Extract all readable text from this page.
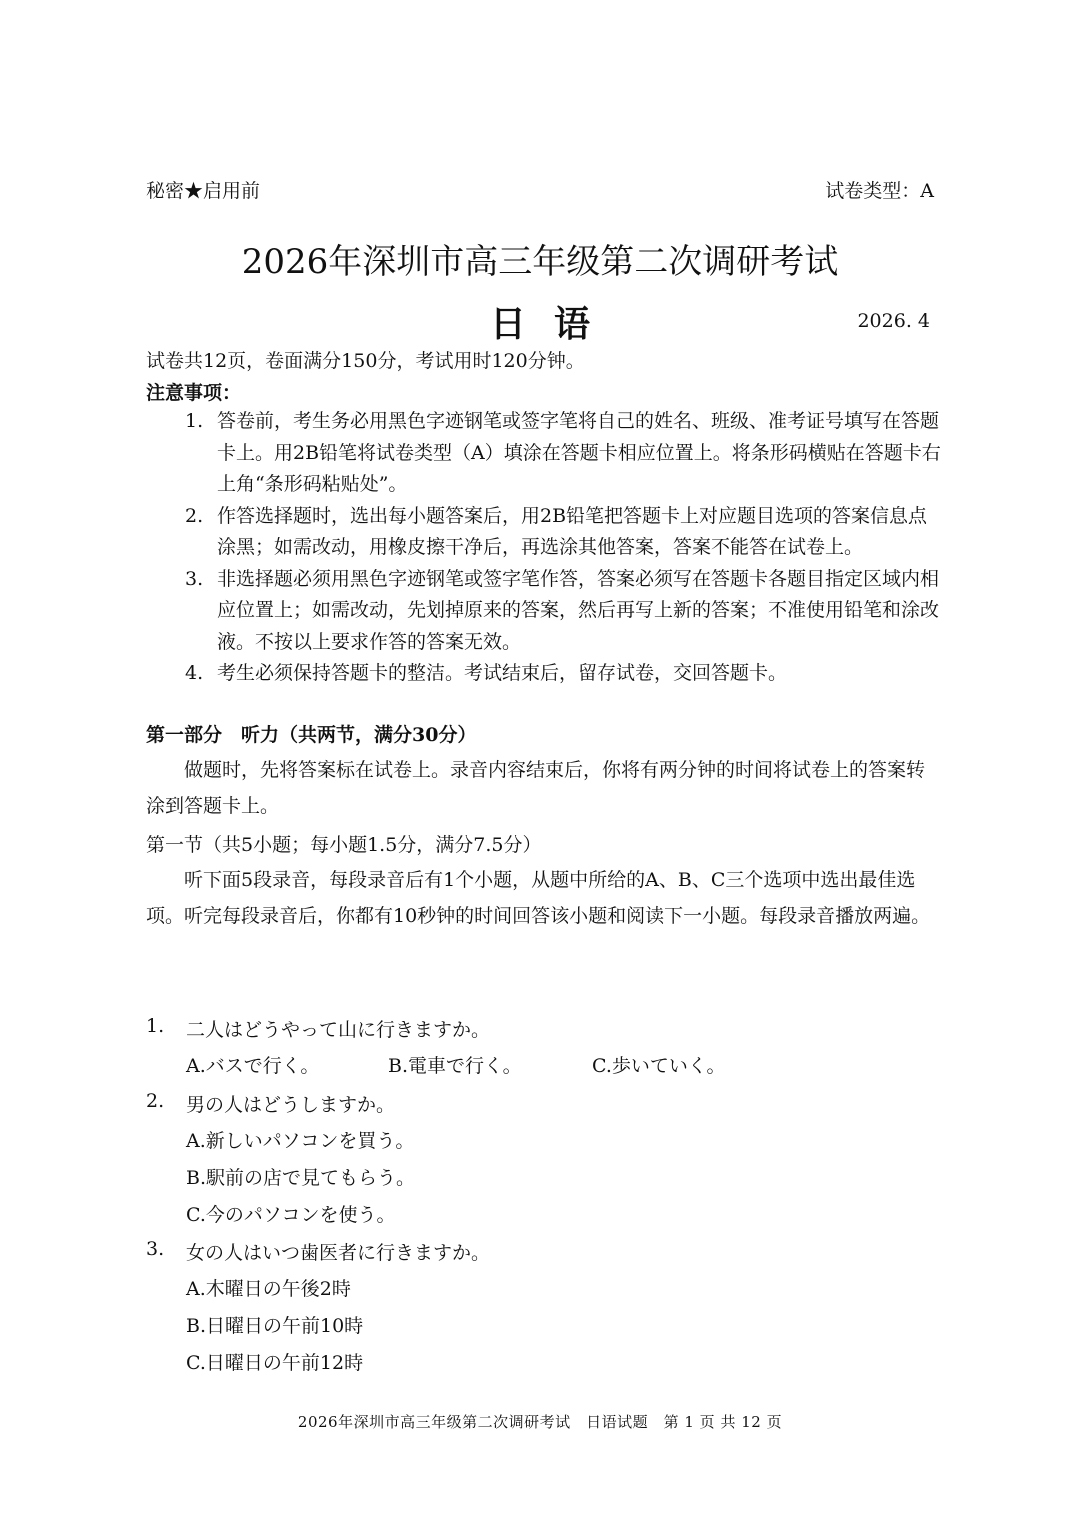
秘密★启用前	试卷类型：A
2026年深圳市高三年级第二次调研考试
日语	2026. 4
试卷共12页，卷面满分150分，考试用时120分钟。
注意事项：
1. 答卷前，考生务必用黑色字迹钢笔或签字笔将自己的姓名、班级、准考证号填写在答题卡上。用2B铅笔将试卷类型（A）填涂在答题卡相应位置上。将条形码横贴在答题卡右上角“条形码粘贴处”。
2. 作答选择题时，选出每小题答案后，用2B铅笔把答题卡上对应题目选项的答案信息点涂黑；如需改动，用橡皮擦干净后，再选涂其他答案，答案不能答在试卷上。
3. 非选择题必须用黑色字迹钢笔或签字笔作答，答案必须写在答题卡各题目指定区域内相应位置上；如需改动，先划掉原来的答案，然后再写上新的答案；不准使用铅笔和涂改液。不按以上要求作答的答案无效。
4. 考生必须保持答题卡的整洁。考试结束后，留存试卷，交回答题卡。
第一部分　听力（共两节，满分30分）

做题时，先将答案标在试卷上。录音内容结束后，你将有两分钟的时间将试卷上的答案转涂到答题卡上。

第一节（共5小题；每小题1.5分，满分7.5分）

听下面5段录音，每段录音后有1个小题，从题中所给的A、B、C三个选项中选出最佳选项。听完每段录音后，你都有10秒钟的时间回答该小题和阅读下一小题。每段录音播放两遍。

1. 二人はどうやって山に行きますか。
A.バスで行く。	B.電車で行く。	C.歩いていく。
2. 男の人はどうしますか。
A.新しいパソコンを買う。
B.駅前の店で見てもらう。
C.今のパソコンを使う。
3. 女の人はいつ歯医者に行きますか。
A.木曜日の午後2時
B.日曜日の午前10時
C.日曜日の午前12時
2026年深圳市高三年级第二次调研考试　日语试题　第 1 页 共 12 页
